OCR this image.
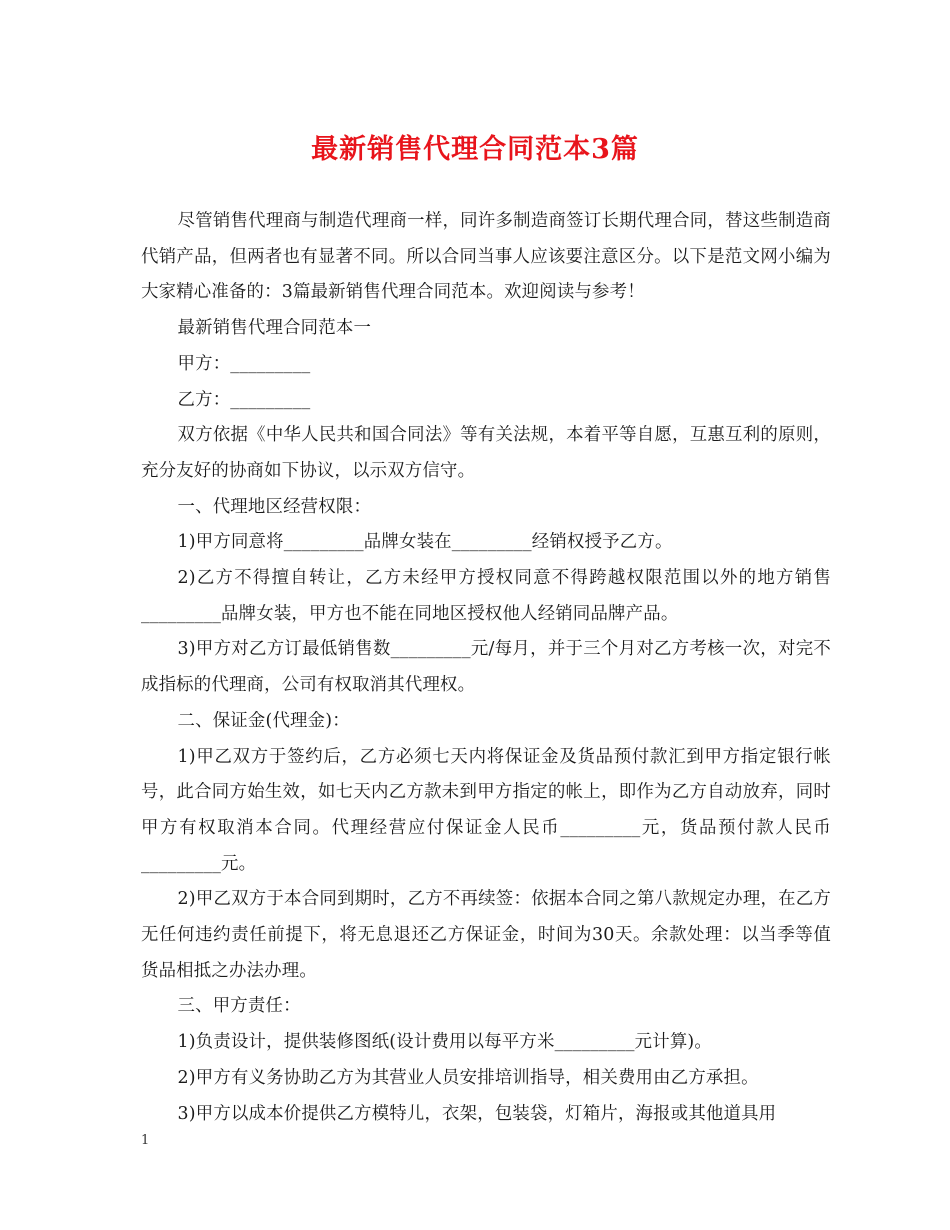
最新销售代理合同范本3篇

尽管销售代理商与制造代理商一样，同许多制造商签订长期代理合同，替这些制造商代销产品，但两者也有显著不同。所以合同当事人应该要注意区分。以下是范文网小编为大家精心准备的：3篇最新销售代理合同范本。欢迎阅读与参考！

最新销售代理合同范本一

甲方：_________

乙方：_________

双方依据《中华人民共和国合同法》等有关法规，本着平等自愿，互惠互利的原则，充分友好的协商如下协议，以示双方信守。

一、代理地区经营权限：

1)甲方同意将_________品牌女装在_________经销权授予乙方。

2)乙方不得擅自转让，乙方未经甲方授权同意不得跨越权限范围以外的地方销售_________品牌女装，甲方也不能在同地区授权他人经销同品牌产品。

3)甲方对乙方订最低销售数_________元/每月，并于三个月对乙方考核一次，对完不成指标的代理商，公司有权取消其代理权。

二、保证金(代理金)：

1)甲乙双方于签约后，乙方必须七天内将保证金及货品预付款汇到甲方指定银行帐号，此合同方始生效，如七天内乙方款未到甲方指定的帐上，即作为乙方自动放弃，同时甲方有权取消本合同。代理经营应付保证金人民币_________元，货品预付款人民币_________元。

2)甲乙双方于本合同到期时，乙方不再续签：依据本合同之第八款规定办理，在乙方无任何违约责任前提下，将无息退还乙方保证金，时间为30天。余款处理：以当季等值货品相抵之办法办理。

三、甲方责任：

1)负责设计，提供装修图纸(设计费用以每平方米_________元计算)。

2)甲方有义务协助乙方为其营业人员安排培训指导，相关费用由乙方承担。

3)甲方以成本价提供乙方模特儿，衣架，包装袋，灯箱片，海报或其他道具用

1
